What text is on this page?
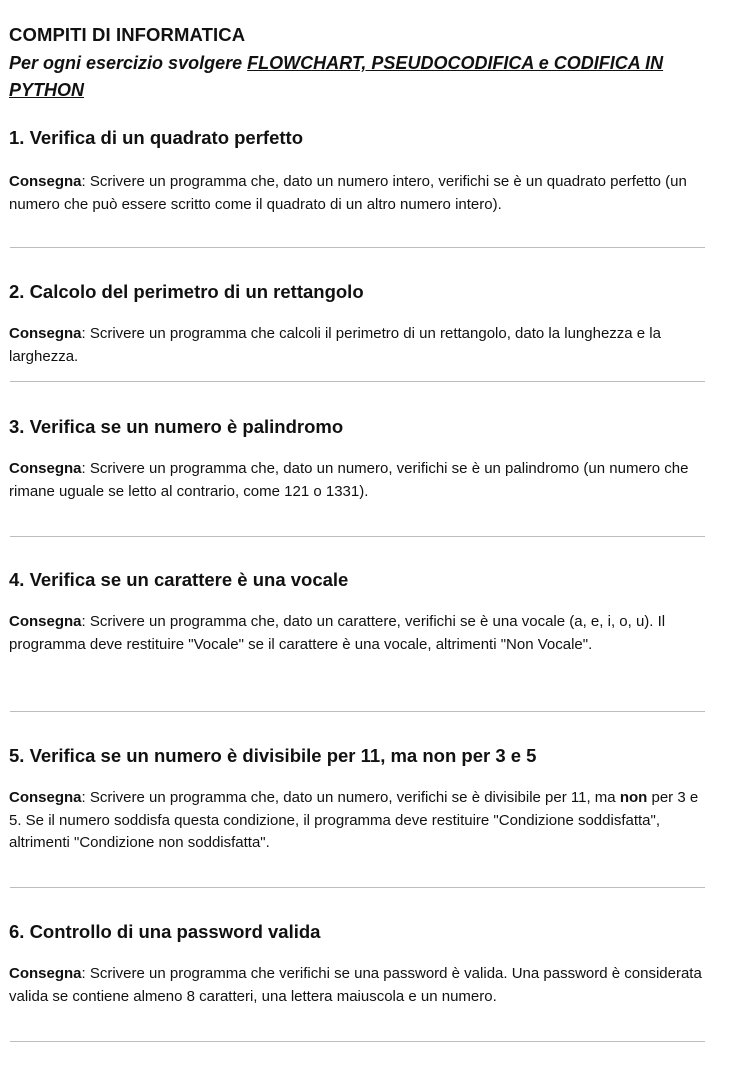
COMPITI DI INFORMATICA
Per ogni esercizio svolgere FLOWCHART, PSEUDOCODIFICA e CODIFICA IN PYTHON
1. Verifica di un quadrato perfetto

Consegna: Scrivere un programma che, dato un numero intero, verifichi se è un quadrato perfetto (un numero che può essere scritto come il quadrato di un altro numero intero).

2. Calcolo del perimetro di un rettangolo

Consegna: Scrivere un programma che calcoli il perimetro di un rettangolo, dato la lunghezza e la larghezza.

3. Verifica se un numero è palindromo

Consegna: Scrivere un programma che, dato un numero, verifichi se è un palindromo (un numero che rimane uguale se letto al contrario, come 121 o 1331).

4. Verifica se un carattere è una vocale

Consegna: Scrivere un programma che, dato un carattere, verifichi se è una vocale (a, e, i, o, u). Il programma deve restituire "Vocale" se il carattere è una vocale, altrimenti "Non Vocale".

5. Verifica se un numero è divisibile per 11, ma non per 3 e 5

Consegna: Scrivere un programma che, dato un numero, verifichi se è divisibile per 11, ma non per 3 e 5. Se il numero soddisfa questa condizione, il programma deve restituire "Condizione soddisfatta", altrimenti "Condizione non soddisfatta".

6. Controllo di una password valida

Consegna: Scrivere un programma che verifichi se una password è valida. Una password è considerata valida se contiene almeno 8 caratteri, una lettera maiuscola e un numero.
